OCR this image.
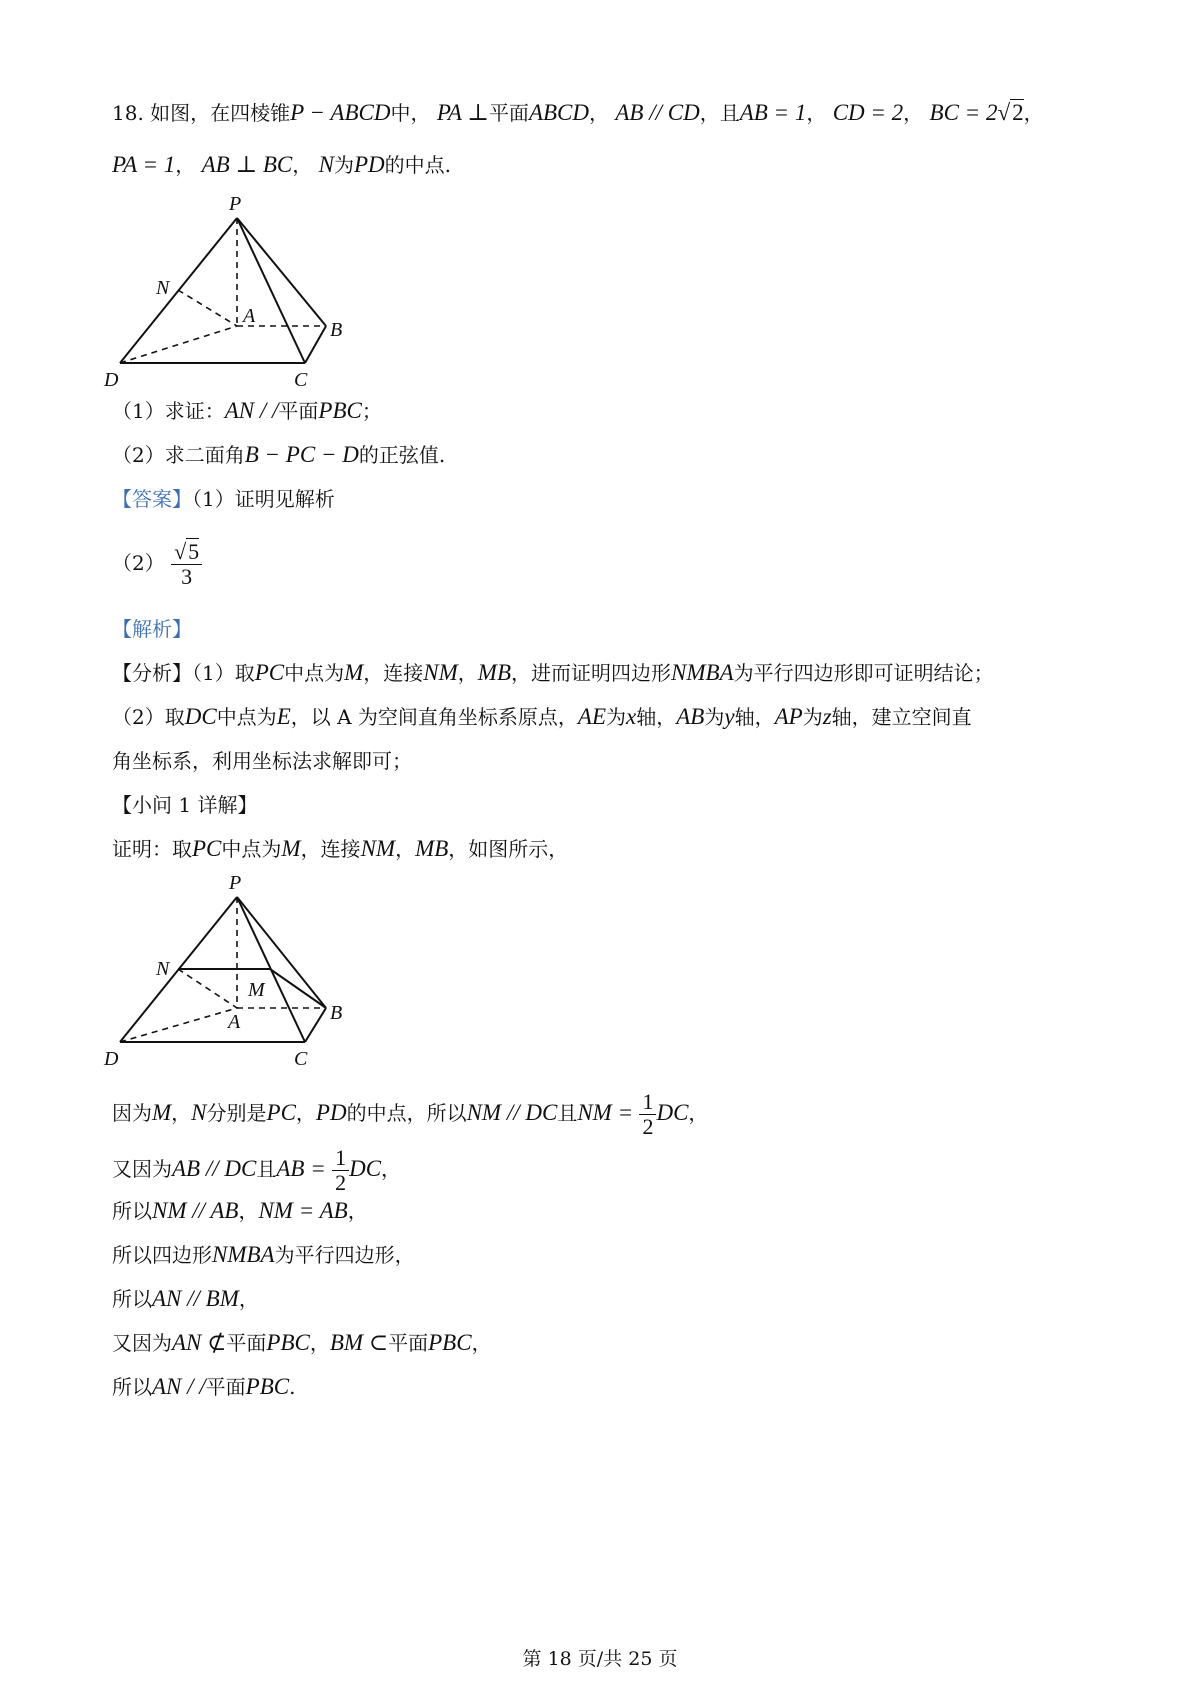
18. 如图，在四棱锥P − ABCD中， PA ⊥平面ABCD， AB // CD，且AB = 1， CD = 2， BC = 2√2，
PA = 1， AB ⊥ BC， N为PD的中点.
P
N
A
B
C
D
（1）求证：AN / /平面PBC；
（2）求二面角B − PC − D的正弦值.
【答案】（1）证明见解析
$(2) \frac{√5}{3}$
【解析】
【分析】（1）取PC中点为M，连接NM，MB，进而证明四边形NMBA为平行四边形即可证明结论；
（2）取DC中点为E，以 A 为空间直角坐标系原点，AE为x轴，AB为y轴，AP为z轴，建立空间直
角坐标系，利用坐标法求解即可；
【小问 1 详解】
证明：取PC中点为M，连接NM，MB，如图所示，
P
N
M
A	B
C
D
因为M，N分别是PC，PD的中点，所以NM // DC且NM = $\frac{1}{2}$ DC，
又因为AB // DC且AB = $\frac{1}{2}$ DC，
所以NM // AB，NM = AB，
所以四边形NMBA为平行四边形，
所以AN // BM，
又因为AN ⊄平面PBC，BM ⊂平面PBC，
所以AN / /平面PBC.
第 18 页/共 25 页
